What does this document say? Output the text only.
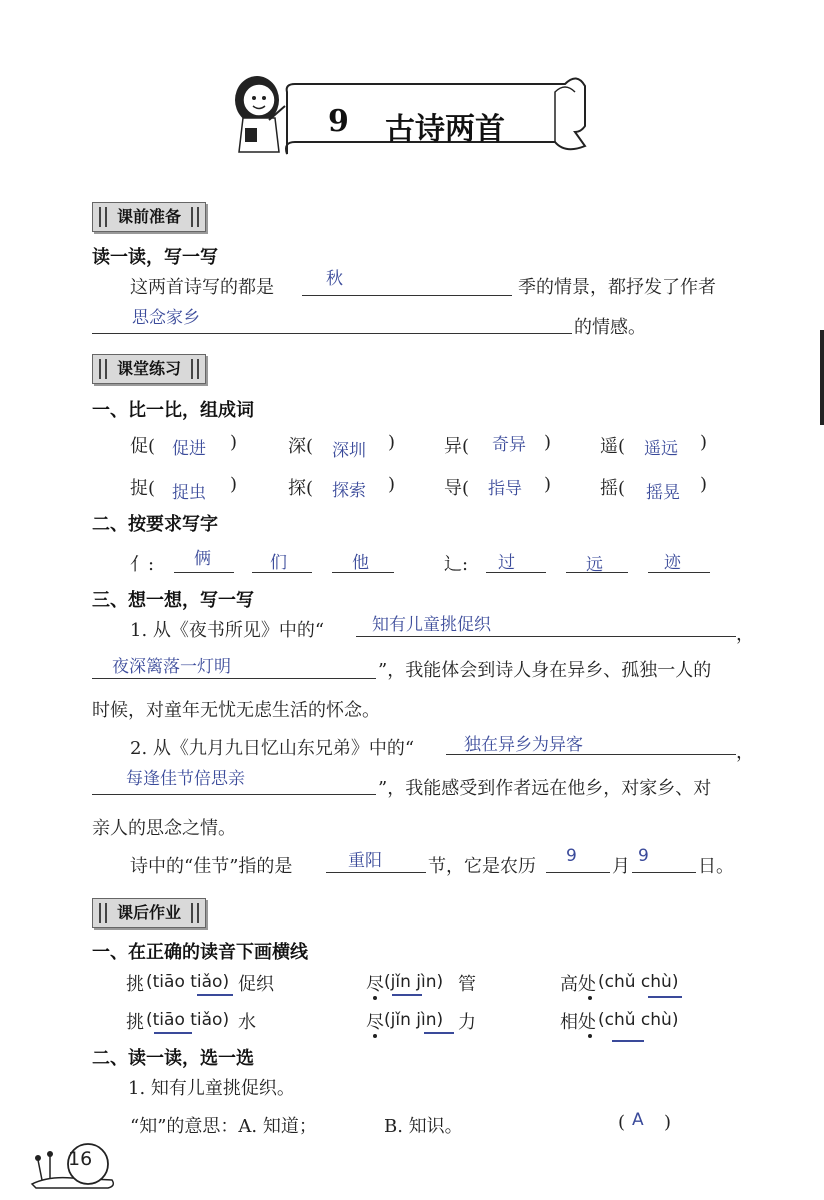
9 古诗两首
课前准备
读一读，写一写
这两首诗写的都是	秋	季的情景，都抒发了作者
思念家乡	的情感。
课堂练习
一、比一比，组成词
促( 促进 )	深( 深圳 )	异( 奇异 )	遥( 遥远 )
捉( 捉虫 )	探( 探索 )	导( 指导 )	摇( 摇晃 )
二、按要求写字
亻: 俩	们	他	辶: 过	远	迹
三、想一想，写一写
1. 从《夜书所见》中的“	知有儿童挑促织	，
夜深篱落一灯明	”，我能体会到诗人身在异乡、孤独一人的
时候，对童年无忧无虑生活的怀念。
2. 从《九月九日忆山东兄弟》中的“	独在异乡为异客	，
每逢佳节倍思亲	”，我能感受到作者远在他乡，对家乡、对
亲人的思念之情。
诗中的“佳节”指的是	重阳	节，它是农历 9 月 9	日。
课后作业
一、在正确的读音下画横线
挑 (tiāo tiǎo) 促织	尽 (jǐn jìn) 管	高处 (chǔ chù)
挑 (tiāo tiǎo) 水	尽 (jǐn jìn) 力	相处 (chǔ chù)
二、读一读，选一选
1. 知有儿童挑促织。
“知”的意思：A. 知道；	B. 知识。	( A )
16
